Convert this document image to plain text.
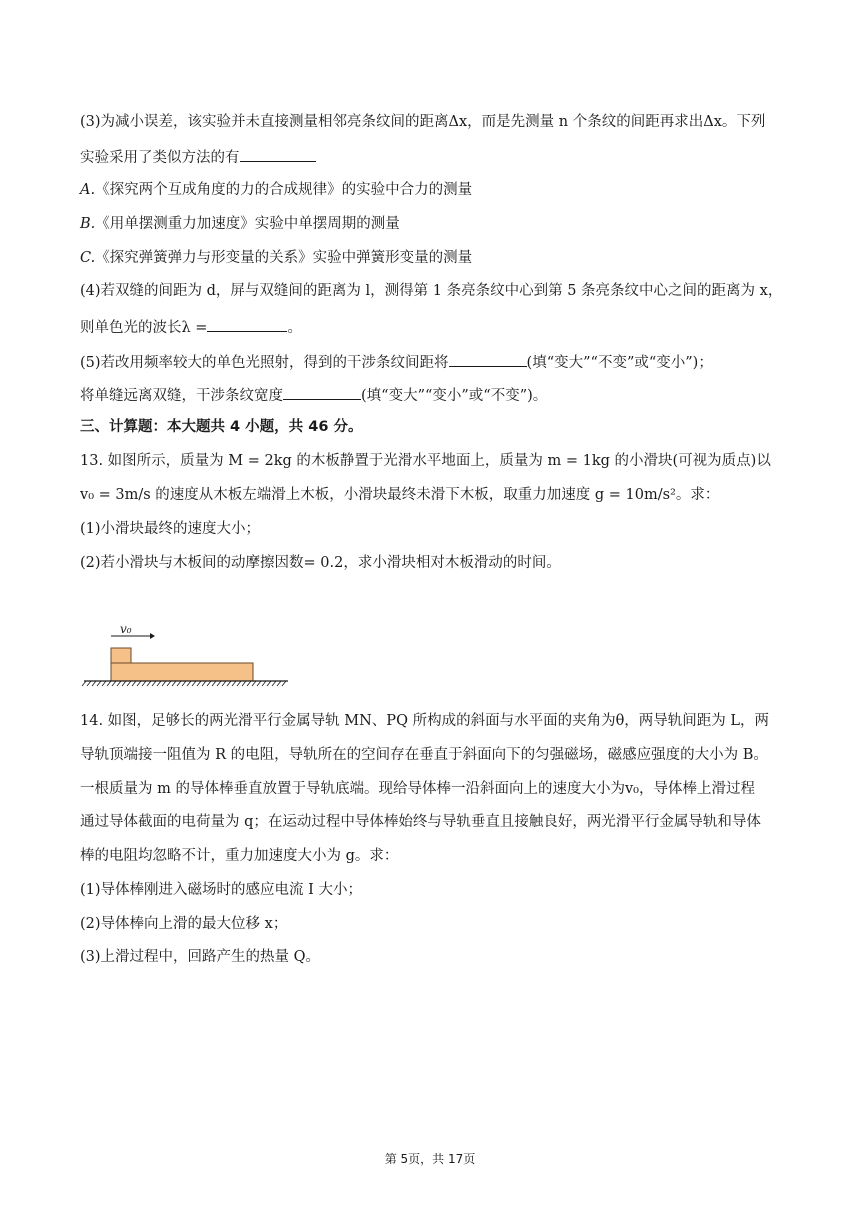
(3)为减小误差，该实验并未直接测量相邻亮条纹间的距离Δx，而是先测量 n 个条纹的间距再求出Δx。下列
实验采用了类似方法的有
A.《探究两个互成角度的力的合成规律》的实验中合力的测量
B.《用单摆测重力加速度》实验中单摆周期的测量
C.《探究弹簧弹力与形变量的关系》实验中弹簧形变量的测量
(4)若双缝的间距为 d，屏与双缝间的距离为 l，测得第 1 条亮条纹中心到第 5 条亮条纹中心之间的距离为 x，
则单色光的波长λ =	。
(5)若改用频率较大的单色光照射，得到的干涉条纹间距将	(填“变大”“不变”或“变小”)；
将单缝远离双缝，干涉条纹宽度	(填“变大”“变小”或“不变”)。
三、计算题：本大题共 4 小题，共 46 分。
13. 如图所示，质量为 M = 2kg 的木板静置于光滑水平地面上，质量为 m = 1kg 的小滑块(可视为质点)以
v₀ = 3m/s 的速度从木板左端滑上木板，小滑块最终未滑下木板，取重力加速度 g = 10m/s²。求：
(1)小滑块最终的速度大小；
(2)若小滑块与木板间的动摩擦因数= 0.2，求小滑块相对木板滑动的时间。
v₀
14. 如图，足够长的两光滑平行金属导轨 MN、PQ 所构成的斜面与水平面的夹角为θ，两导轨间距为 L，两
导轨顶端接一阻值为 R 的电阻，导轨所在的空间存在垂直于斜面向下的匀强磁场，磁感应强度的大小为 B。
一根质量为 m 的导体棒垂直放置于导轨底端。现给导体棒一沿斜面向上的速度大小为v₀，导体棒上滑过程
通过导体截面的电荷量为 q；在运动过程中导体棒始终与导轨垂直且接触良好，两光滑平行金属导轨和导体
棒的电阻均忽略不计，重力加速度大小为 g。求：
(1)导体棒刚进入磁场时的感应电流 I 大小；
(2)导体棒向上滑的最大位移 x；
(3)上滑过程中，回路产生的热量 Q。
第 5页，共 17页
